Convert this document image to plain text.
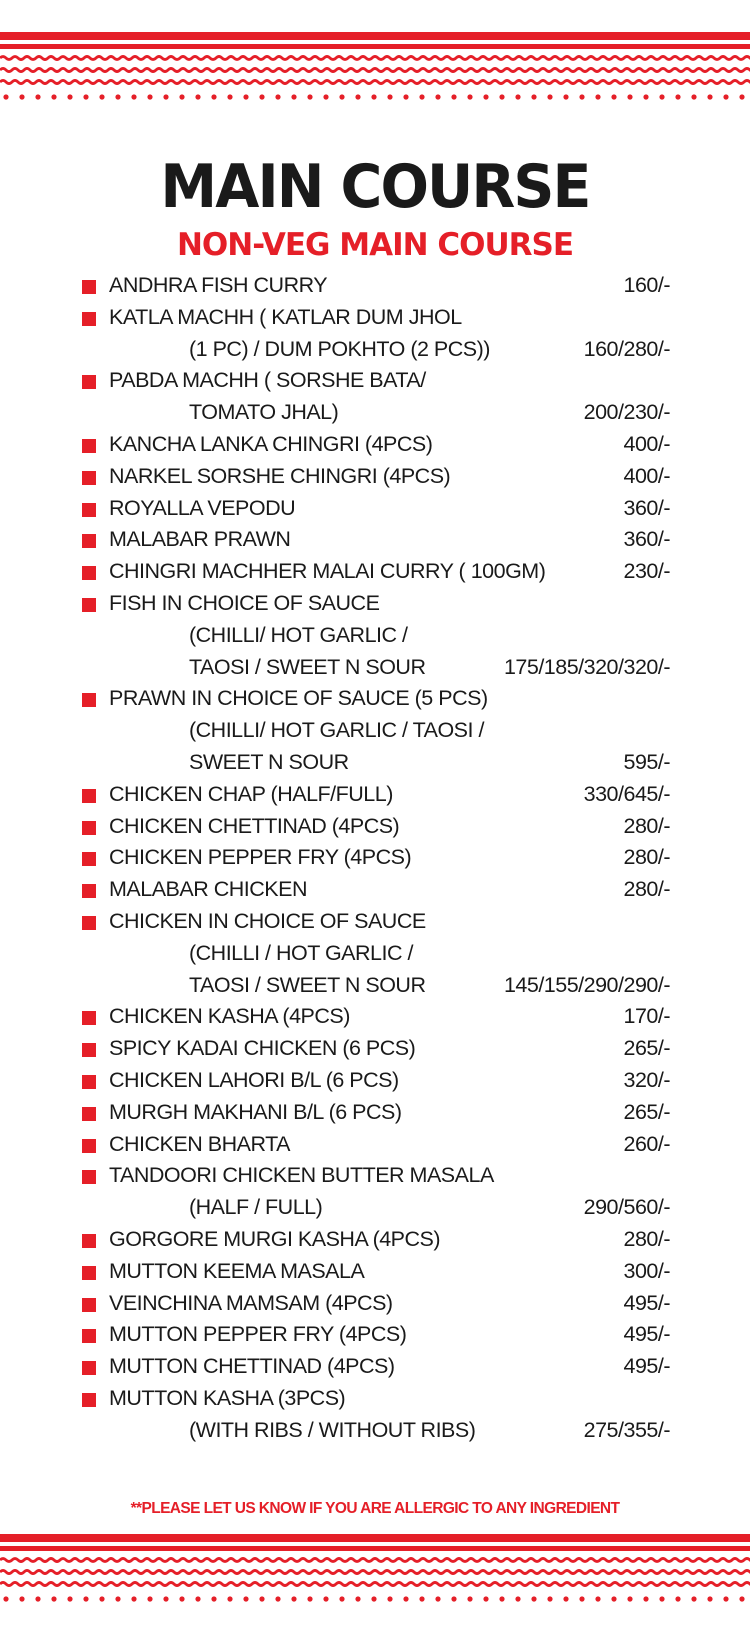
MAIN COURSE
NON-VEG MAIN COURSE
ANDHRA FISH CURRY	160/-
KATLA MACHH ( KATLAR DUM JHOL
(1 PC) / DUM POKHTO (2 PCS))	160/280/-
PABDA MACHH ( SORSHE BATA/
TOMATO JHAL)	200/230/-
KANCHA LANKA CHINGRI (4PCS)	400/-
NARKEL SORSHE CHINGRI (4PCS)	400/-
ROYALLA VEPODU	360/-
MALABAR PRAWN	360/-
CHINGRI MACHHER MALAI CURRY ( 100GM)	230/-
FISH IN CHOICE OF SAUCE
(CHILLI/ HOT GARLIC /
TAOSI / SWEET N SOUR	175/185/320/320/-
PRAWN IN CHOICE OF SAUCE (5 PCS)
(CHILLI/ HOT GARLIC / TAOSI /
SWEET N SOUR	595/-
CHICKEN CHAP (HALF/FULL)	330/645/-
CHICKEN CHETTINAD (4PCS)	280/-
CHICKEN PEPPER FRY (4PCS)	280/-
MALABAR CHICKEN	280/-
CHICKEN IN CHOICE OF SAUCE
(CHILLI / HOT GARLIC /
TAOSI / SWEET N SOUR	145/155/290/290/-
CHICKEN KASHA (4PCS)	170/-
SPICY KADAI CHICKEN (6 PCS)	265/-
CHICKEN LAHORI B/L (6 PCS)	320/-
MURGH MAKHANI B/L (6 PCS)	265/-
CHICKEN BHARTA	260/-
TANDOORI CHICKEN BUTTER MASALA
(HALF / FULL)	290/560/-
GORGORE MURGI KASHA (4PCS)	280/-
MUTTON KEEMA MASALA	300/-
VEINCHINA MAMSAM (4PCS)	495/-
MUTTON PEPPER FRY (4PCS)	495/-
MUTTON CHETTINAD (4PCS)	495/-
MUTTON KASHA (3PCS)
(WITH RIBS / WITHOUT RIBS)	275/355/-
**PLEASE LET US KNOW IF YOU ARE ALLERGIC TO ANY INGREDIENT
